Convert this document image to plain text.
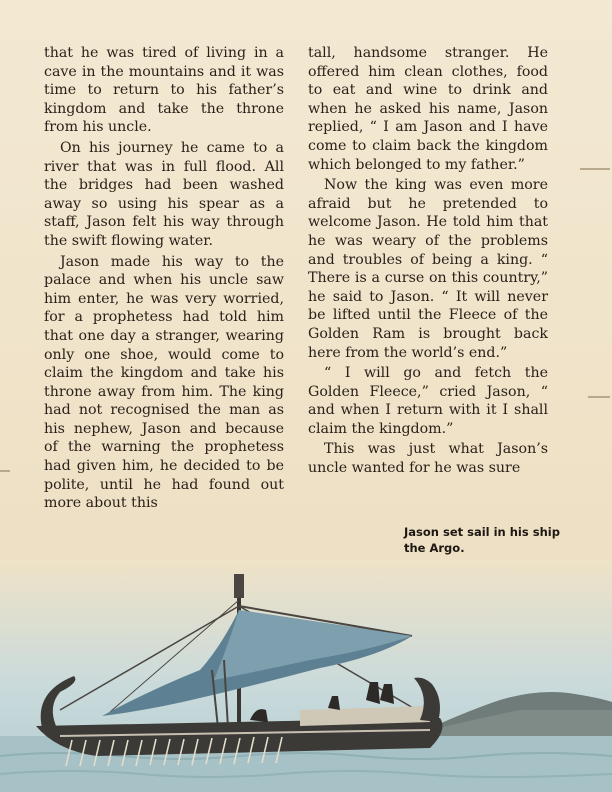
that he was tired of living in a cave in the mountains and it was time to return to his father’s kingdom and take the throne from his uncle.

On his journey he came to a river that was in full flood. All the bridges had been washed away so using his spear as a staff, Jason felt his way through the swift flowing water.

Jason made his way to the palace and when his uncle saw him enter, he was very worried, for a prophetess had told him that one day a stranger, wearing only one shoe, would come to claim the kingdom and take his throne away from him. The king had not recognised the man as his nephew, Jason and because of the warning the prophetess had given him, he decided to be polite, until he had found out more about this

tall, handsome stranger. He offered him clean clothes, food to eat and wine to drink and when he asked his name, Jason replied, “ I am Jason and I have come to claim back the kingdom which belonged to my father.”

Now the king was even more afraid but he pretended to welcome Jason. He told him that he was weary of the problems and troubles of being a king. “ There is a curse on this country,” he said to Jason. “ It will never be lifted until the Fleece of the Golden Ram is brought back here from the world’s end.”

“ I will go and fetch the Golden Fleece,” cried Jason, “ and when I return with it I shall claim the kingdom.”

This was just what Jason’s uncle wanted for he was sure

Jason set sail in his ship the Argo.
